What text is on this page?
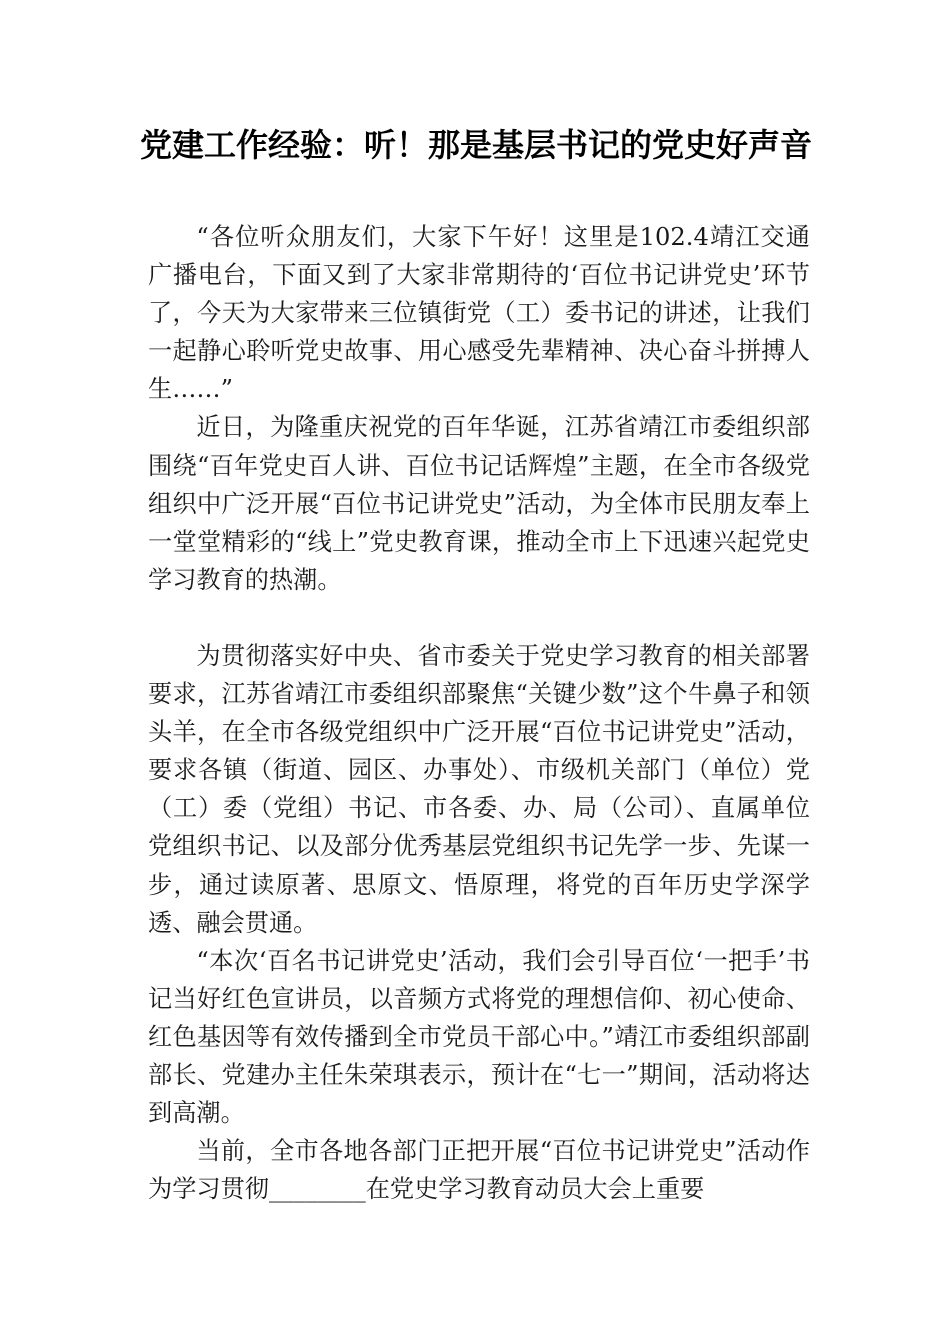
党建工作经验：听！那是基层书记的党史好声音

“各位听众朋友们，大家下午好！这里是102.4靖江交通广播电台，下面又到了大家非常期待的‘百位书记讲党史’环节了，今天为大家带来三位镇街党（工）委书记的讲述，让我们一起静心聆听党史故事、用心感受先辈精神、决心奋斗拼搏人生……”

近日，为隆重庆祝党的百年华诞，江苏省靖江市委组织部围绕“百年党史百人讲、百位书记话辉煌”主题，在全市各级党组织中广泛开展“百位书记讲党史”活动，为全体市民朋友奉上一堂堂精彩的“线上”党史教育课，推动全市上下迅速兴起党史学习教育的热潮。

为贯彻落实好中央、省市委关于党史学习教育的相关部署要求，江苏省靖江市委组织部聚焦“关键少数”这个牛鼻子和领头羊，在全市各级党组织中广泛开展“百位书记讲党史”活动，要求各镇（街道、园区、办事处）、市级机关部门（单位）党（工）委（党组）书记、市各委、办、局（公司）、直属单位党组织书记、以及部分优秀基层党组织书记先学一步、先谋一步，通过读原著、思原文、悟原理，将党的百年历史学深学透、融会贯通。

“本次‘百名书记讲党史’活动，我们会引导百位‘一把手’书记当好红色宣讲员，以音频方式将党的理想信仰、初心使命、红色基因等有效传播到全市党员干部心中。”靖江市委组织部副部长、党建办主任朱荣琪表示，预计在“七一”期间，活动将达到高潮。

当前，全市各地各部门正把开展“百位书记讲党史”活动作为学习贯彻________在党史学习教育动员大会上重要
